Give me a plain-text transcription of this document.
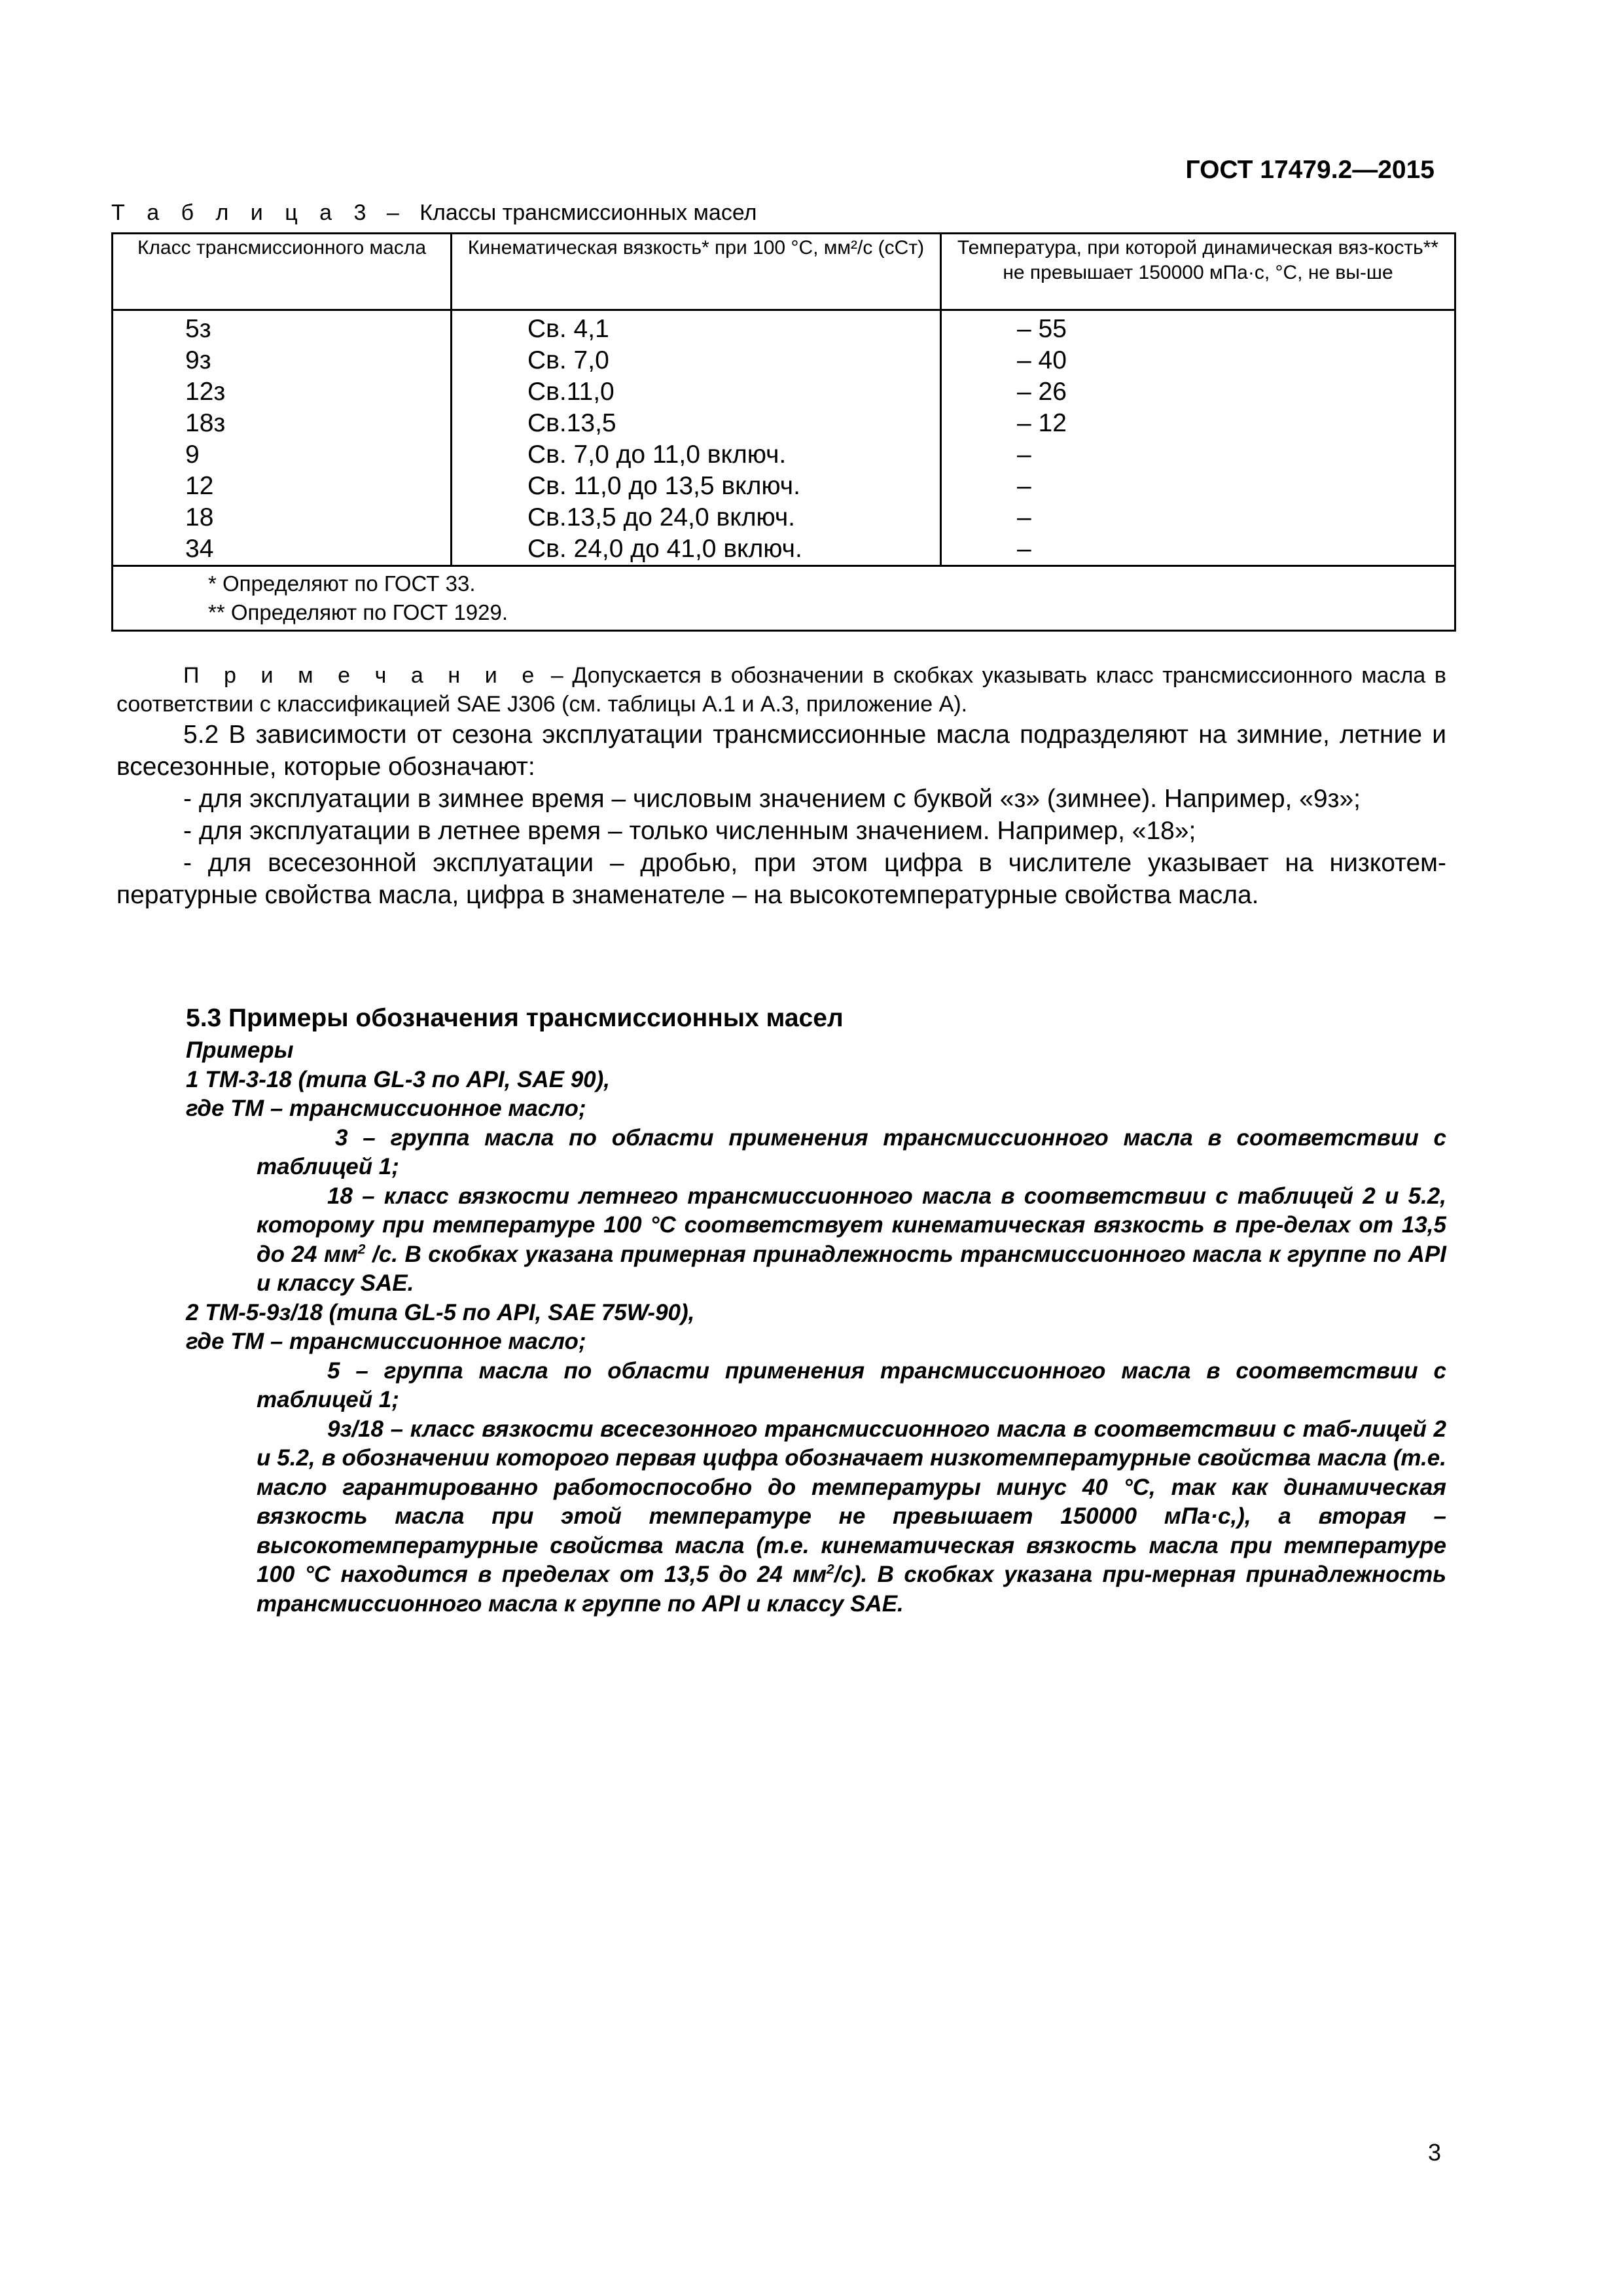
ГОСТ 17479.2—2015
Т а б л и ц а 3 – Классы трансмиссионных масел
Класс трансмиссионного масла	Кинематическая вязкость* при 100 °С, мм²/с (сСт)	Температура, при которой динамическая вяз-кость** не превышает 150000 мПа·с, °С, не вы-ше
5з	Св. 4,1	– 55
9з	Св. 7,0	– 40
12з	Св.11,0	– 26
18з	Св.13,5	– 12
9	Св. 7,0 до 11,0 включ.	–
12	Св. 11,0 до 13,5 включ.	–
18	Св.13,5 до 24,0 включ.	–
34	Св. 24,0 до 41,0 включ.	–

* Определяют по ГОСТ 33.
** Определяют по ГОСТ 1929.		

П р и м е ч а н и е – Допускается в обозначении в скобках указывать класс трансмиссионного масла в соответствии с классификацией SAE J306 (см. таблицы А.1 и А.3, приложение А).

5.2 В зависимости от сезона эксплуатации трансмиссионные масла подразделяют на зимние, летние и всесезонные, которые обозначают:

- для эксплуатации в зимнее время – числовым значением с буквой «з» (зимнее). Например, «9з»;

- для эксплуатации в летнее время – только численным значением. Например, «18»;

- для всесезонной эксплуатации – дробью, при этом цифра в числителе указывает на низкотем-пературные свойства масла, цифра в знаменателе – на высокотемпературные свойства масла.

5.3 Примеры обозначения трансмиссионных масел

Примеры

1 ТМ-3-18 (типа GL-3 по API, SAE 90),

где ТМ – трансмиссионное масло;

3 – группа масла по области применения трансмиссионного масла в соответствии с таблицей 1;

18 – класс вязкости летнего трансмиссионного масла в соответствии с таблицей 2 и 5.2, которому при температуре 100 °С соответствует кинематическая вязкость в пре-делах от 13,5 до 24 $мм^2$ /с. В скобках указана примерная принадлежность трансмиссионного масла к группе по API и классу SAE.

2 ТМ-5-9з/18 (типа GL-5 по API, SAE 75W-90),

где ТМ – трансмиссионное масло;

5 – группа масла по области применения трансмиссионного масла в соответствии с таблицей 1;

9з/18 – класс вязкости всесезонного трансмиссионного масла в соответствии с таб-лицей 2 и 5.2, в обозначении которого первая цифра обозначает низкотемпературные свойства масла (т.е. масло гарантированно работоспособно до температуры минус 40 °С, так как динамическая вязкость масла при этой температуре не превышает 150000 мПа·с,), а вторая – высокотемпературные свойства масла (т.е. кинематическая вязкость масла при температуре 100 °С находится в пределах от 13,5 до 24 $мм^2/с$). В скобках указана при-мерная принадлежность трансмиссионного масла к группе по API и классу SAE.

3
